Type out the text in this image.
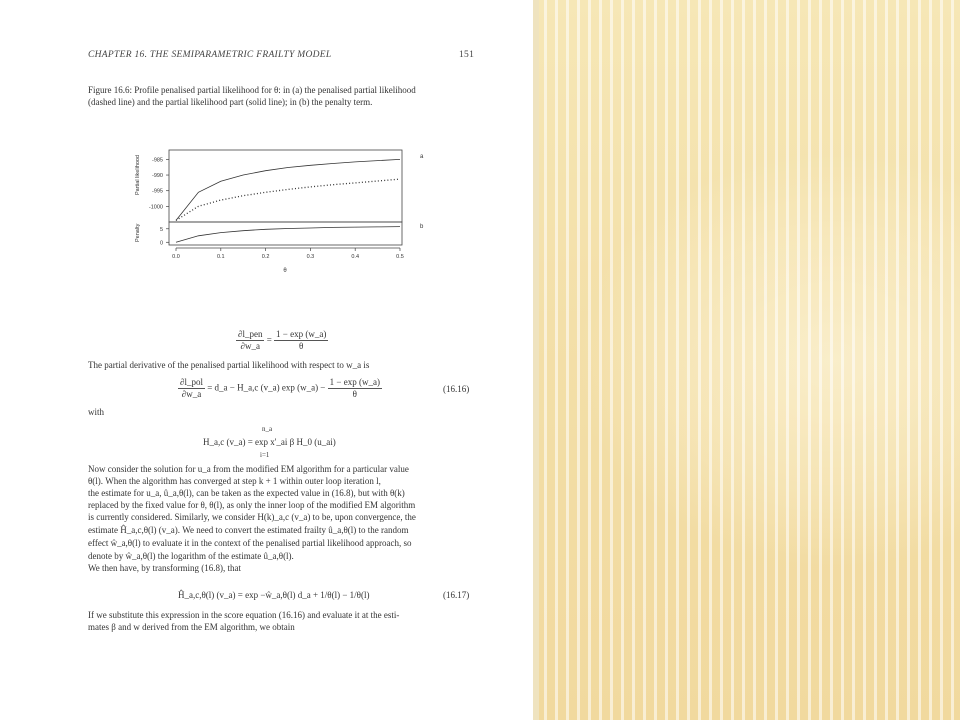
CHAPTER 16. THE SEMIPARAMETRIC FRAILTY MODEL	151
Figure 16.6: Profile penalised partial likelihood for θ: in (a) the penalised partial likelihood
(dashed line) and the partial likelihood part (solid line); in (b) the penalty term.
-985
-990
-995
-1000
5
0
0.0	0.1	0.2	0.3	0.4	0.5
a
b
Partial likelihood
Penalty
θ
$\frac{\text{∂l\_pen}}{\partial w\_a} = \frac{1 - \exp (w\_a)}{\theta}$
The partial derivative of the penalised partial likelihood with respect to w_a is
$\frac{\text{∂l\_pol}}{\partial w\_a}$ = d_a − H_a,c (v_a) exp (w_a) − $\frac{1 - \exp (w\_a)}{\theta}$	(16.16)
with
n_a
H_a,c (v_a) = exp x'_ai β H_0 (u_ai)
i=1
Now consider the solution for u_a from the modified EM algorithm for a particular value
θ(l). When the algorithm has converged at step k + 1 within outer loop iteration l,
the estimate for u_a, û_a,θ(l), can be taken as the expected value in (16.8), but with θ(k)
replaced by the fixed value for θ, θ(l), as only the inner loop of the modified EM algorithm
is currently considered. Similarly, we consider H(k)_a,c (v_a) to be, upon convergence, the
estimate Ĥ_a,c,θ(l) (v_a). We need to convert the estimated frailty û_a,θ(l) to the random
effect ŵ_a,θ(l) to evaluate it in the context of the penalised partial likelihood approach, so
denote by ŵ_a,θ(l) the logarithm of the estimate û_a,θ(l).
We then have, by transforming (16.8), that
Ĥ_a,c,θ(l) (v_a) = exp −ŵ_a,θ(l) d_a + 1/θ(l) − 1/θ(l)	(16.17)
If we substitute this expression in the score equation (16.16) and evaluate it at the esti-
mates β and w derived from the EM algorithm, we obtain
